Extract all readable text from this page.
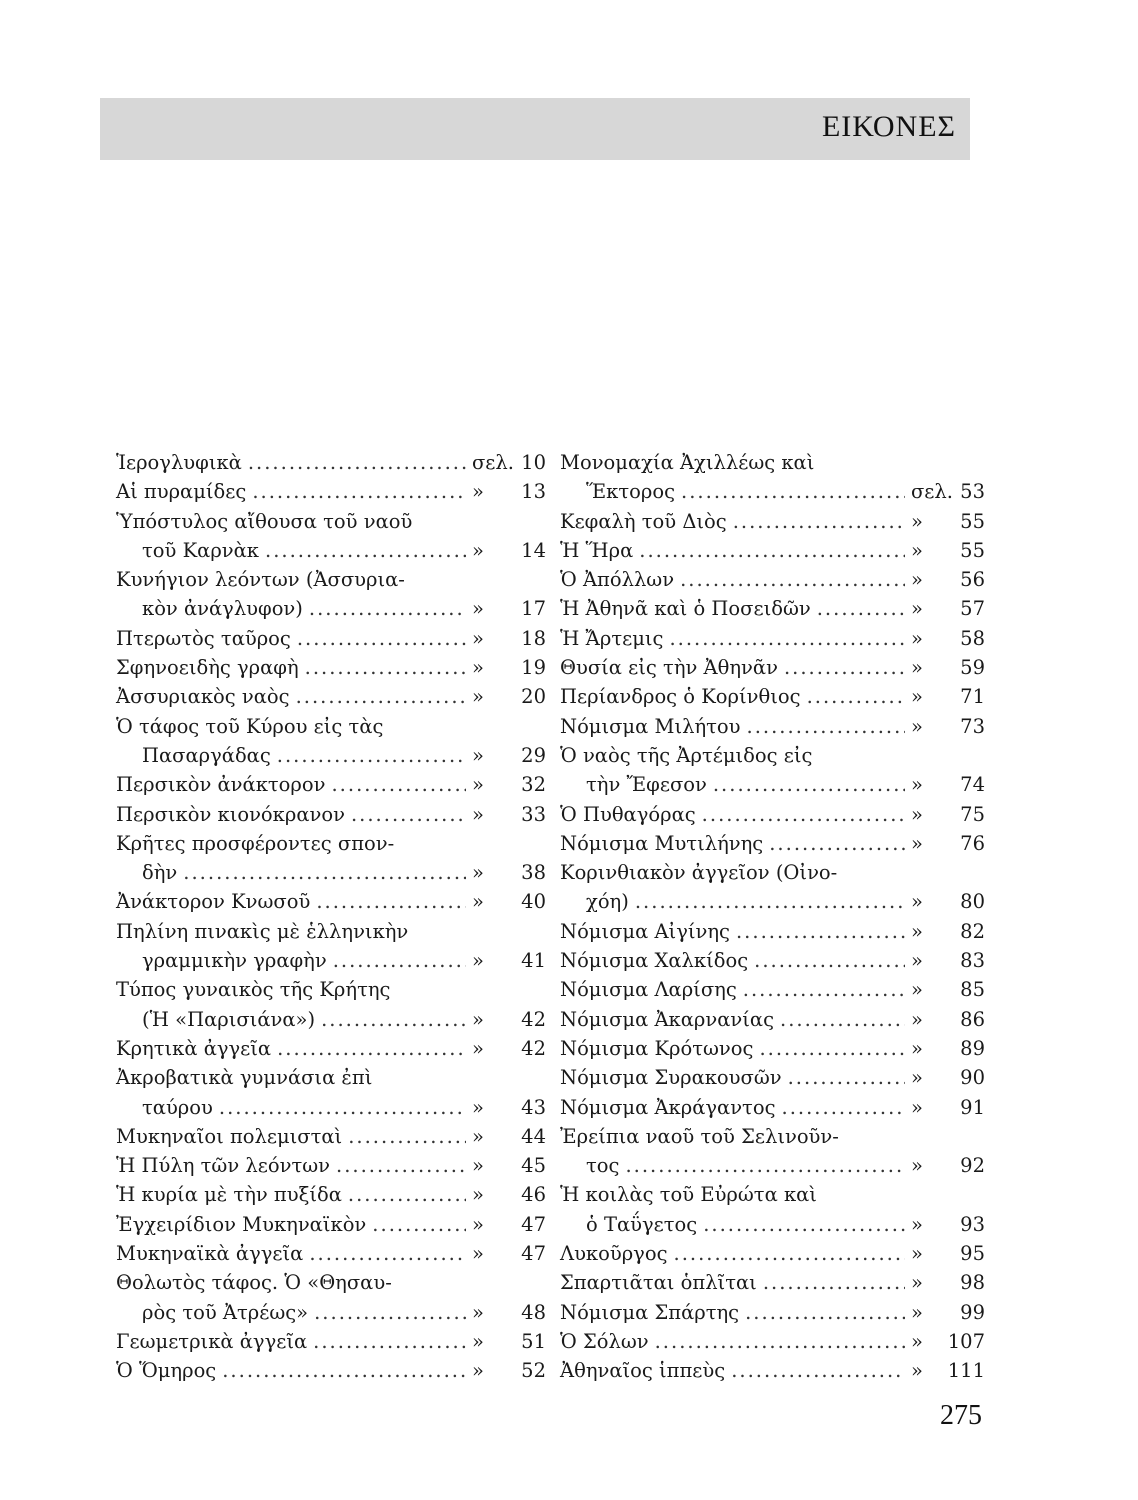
ΕΙΚΟΝΕΣ
Ἱερογλυφικὰ .....	σελ. 10
Αἱ πυραμίδες .....	»	13
Ὑπόστυλος αἴθουσα τοῦ ναοῦ
τοῦ Καρνὰκ .....	»	14
Κυνήγιον λεόντων (Ἀσσυρια-
κὸν ἀνάγλυφον) .....	»	17
Πτερωτὸς ταῦρος .....	»	18
Σφηνοειδὴς γραφὴ .....	»	19
Ἀσσυριακὸς ναὸς .....	»	20
Ὁ τάφος τοῦ Κύρου εἰς τὰς
Πασαργάδας .....	»	29
Περσικὸν ἀνάκτορον .....	»	32
Περσικὸν κιονόκρανον .....	»	33
Κρῆτες προσφέροντες σπον-
δὴν .....	»	38
Ἀνάκτορον Κνωσοῦ .....	»	40
Πηλίνη πινακὶς μὲ ἑλληνικὴν
γραμμικὴν γραφὴν .....	»	41
Τύπος γυναικὸς τῆς Κρήτης
(Ἡ «Παρισιάνα») .....	»	42
Κρητικὰ ἀγγεῖα .....	»	42
Ἀκροβατικὰ γυμνάσια ἐπὶ
ταύρου .....	»	43
Μυκηναῖοι πολεμισταὶ .....	»	44
Ἡ Πύλη τῶν λεόντων .....	»	45
Ἡ κυρία μὲ τὴν πυξίδα .....	»	46
Ἐγχειρίδιον Μυκηναϊκὸν .....	»	47
Μυκηναϊκὰ ἀγγεῖα .....	»	47
Θολωτὸς τάφος. Ὁ «Θησαυ-
ρὸς τοῦ Ἀτρέως» .....	»	48
Γεωμετρικὰ ἀγγεῖα .....	»	51
Ὁ Ὅμηρος .....	»	52
Μονομαχία Ἀχιλλέως καὶ
Ἕκτορος .....	σελ. 53
Κεφαλὴ τοῦ Διὸς .....	»	55
Ἡ Ἥρα .....	»	55
Ὁ Ἀπόλλων .....	»	56
Ἡ Ἀθηνᾶ καὶ ὁ Ποσειδῶν .....	»	57
Ἡ Ἄρτεμις .....	»	58
Θυσία εἰς τὴν Ἀθηνᾶν .....	»	59
Περίανδρος ὁ Κορίνθιος .....	»	71
Νόμισμα Μιλήτου .....	»	73
Ὁ ναὸς τῆς Ἀρτέμιδος εἰς
τὴν Ἔφεσον .....	»	74
Ὁ Πυθαγόρας .....	»	75
Νόμισμα Μυτιλήνης .....	»	76
Κορινθιακὸν ἀγγεῖον (Οἰνο-
χόη) .....	»	80
Νόμισμα Αἰγίνης .....	»	82
Νόμισμα Χαλκίδος .....	»	83
Νόμισμα Λαρίσης .....	»	85
Νόμισμα Ἀκαρνανίας .....	»	86
Νόμισμα Κρότωνος .....	»	89
Νόμισμα Συρακουσῶν .....	»	90
Νόμισμα Ἀκράγαντος .....	»	91
Ἐρείπια ναοῦ τοῦ Σελινοῦν-
τος .....	»	92
Ἡ κοιλὰς τοῦ Εὐρώτα καὶ
ὁ Ταΰγετος .....	»	93
Λυκοῦργος .....	»	95
Σπαρτιᾶται ὁπλῖται .....	»	98
Νόμισμα Σπάρτης .....	»	99
Ὁ Σόλων .....	»	107
Ἀθηναῖος ἱππεὺς .....	»	111
275
